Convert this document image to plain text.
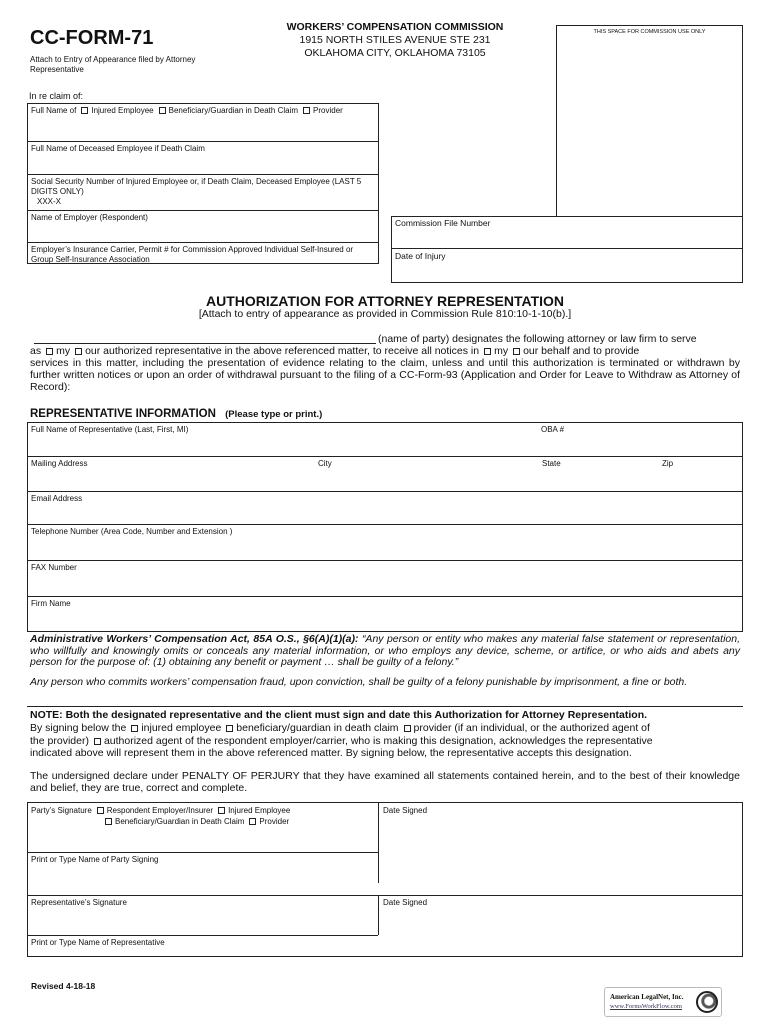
CC-FORM-71
Attach to Entry of Appearance filed by Attorney Representative
WORKERS’ COMPENSATION COMMISSION
1915 NORTH STILES AVENUE STE 231
OKLAHOMA CITY, OKLAHOMA 73105
THIS SPACE FOR COMMISSION USE ONLY
In re claim of:
Full Name of Injured Employee Beneficiary/Guardian in Death Claim Provider
Full Name of Deceased Employee if Death Claim
Social Security Number of Injured Employee or, if Death Claim, Deceased Employee (LAST 5 DIGITS ONLY)
XXX-X
Name of Employer (Respondent)
Employer’s Insurance Carrier, Permit # for Commission Approved Individual Self-Insured or Group Self-Insurance Association
Commission File Number
Date of Injury
AUTHORIZATION FOR ATTORNEY REPRESENTATION
[Attach to entry of appearance as provided in Commission Rule 810:10-1-10(b).]
(name of party) designates the following attorney or law firm to serve
as my our authorized representative in the above referenced matter, to receive all notices in my our behalf and to provide
services in this matter, including the presentation of evidence relating to the claim, unless and until this authorization is terminated or withdrawn by further written notices or upon an order of withdrawal pursuant to the filing of a CC-Form-93 (Application and Order for Leave to Withdraw as Attorney of Record):
REPRESENTATIVE INFORMATION (Please type or print.)
Full Name of Representative (Last, First, MI)	OBA #
Mailing Address	City	State	Zip
Email Address
Telephone Number (Area Code, Number and Extension )
FAX Number
Firm Name
Administrative Workers’ Compensation Act, 85A O.S., §6(A)(1)(a): “Any person or entity who makes any material false statement or representation, who willfully and knowingly omits or conceals any material information, or who employs any device, scheme, or artifice, or who aids and abets any person for the purpose of: (1) obtaining any benefit or payment … shall be guilty of a felony.”
Any person who commits workers’ compensation fraud, upon conviction, shall be guilty of a felony punishable by imprisonment, a fine or both.
NOTE: Both the designated representative and the client must sign and date this Authorization for Attorney Representation.
By signing below the injured employee beneficiary/guardian in death claim provider (if an individual, or the authorized agent of
the provider) authorized agent of the respondent employer/carrier, who is making this designation, acknowledges the representative
indicated above will represent them in the above referenced matter. By signing below, the representative accepts this designation.
The undersigned declare under PENALTY OF PERJURY that they have examined all statements contained herein, and to the best of their knowledge and belief, they are true, correct and complete.
Party’s Signature Respondent Employer/Insurer Injured Employee
Beneficiary/Guardian in Death Claim Provider
Date Signed
Print or Type Name of Party Signing
Representative’s Signature	Date Signed
Print or Type Name of Representative
Revised 4-18-18
American LegalNet, Inc.
www.FormsWorkFlow.com
